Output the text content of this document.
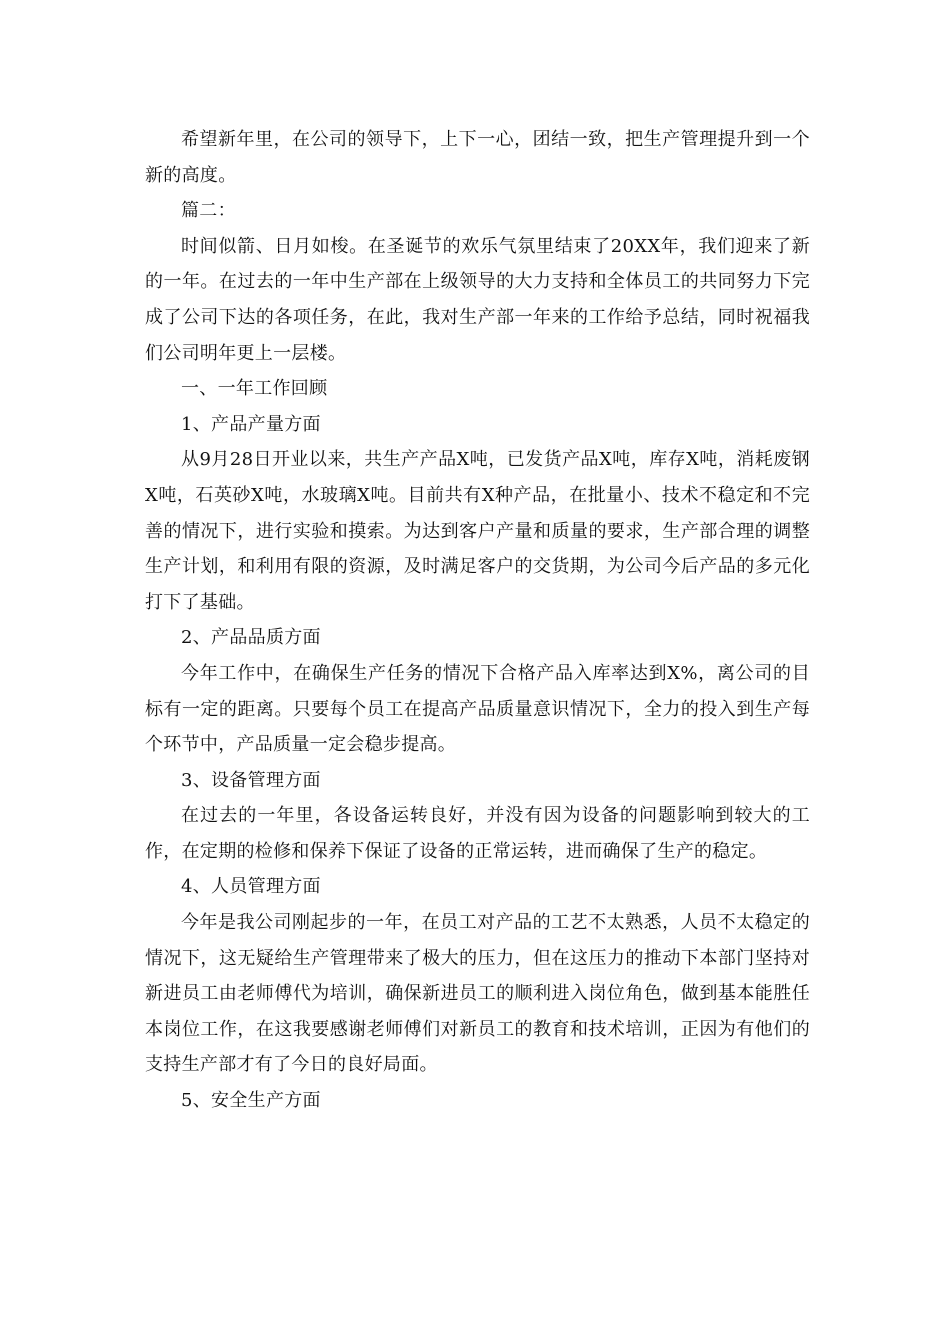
希望新年里，在公司的领导下，上下一心，团结一致，把生产管理提升到一个新的高度。

篇二：

时间似箭、日月如梭。在圣诞节的欢乐气氛里结束了20XX年，我们迎来了新的一年。在过去的一年中生产部在上级领导的大力支持和全体员工的共同努力下完成了公司下达的各项任务，在此，我对生产部一年来的工作给予总结，同时祝福我们公司明年更上一层楼。

一、一年工作回顾

1、产品产量方面

从9月28日开业以来，共生产产品X吨，已发货产品X吨，库存X吨，消耗废钢X吨，石英砂X吨，水玻璃X吨。目前共有X种产品，在批量小、技术不稳定和不完善的情况下，进行实验和摸索。为达到客户产量和质量的要求，生产部合理的调整生产计划，和利用有限的资源，及时满足客户的交货期，为公司今后产品的多元化打下了基础。

2、产品品质方面

今年工作中，在确保生产任务的情况下合格产品入库率达到X%，离公司的目标有一定的距离。只要每个员工在提高产品质量意识情况下，全力的投入到生产每个环节中，产品质量一定会稳步提高。

3、设备管理方面

在过去的一年里，各设备运转良好，并没有因为设备的问题影响到较大的工作，在定期的检修和保养下保证了设备的正常运转，进而确保了生产的稳定。

4、人员管理方面

今年是我公司刚起步的一年，在员工对产品的工艺不太熟悉，人员不太稳定的情况下，这无疑给生产管理带来了极大的压力，但在这压力的推动下本部门坚持对新进员工由老师傅代为培训，确保新进员工的顺利进入岗位角色，做到基本能胜任本岗位工作，在这我要感谢老师傅们对新员工的教育和技术培训，正因为有他们的支持生产部才有了今日的良好局面。

5、安全生产方面
